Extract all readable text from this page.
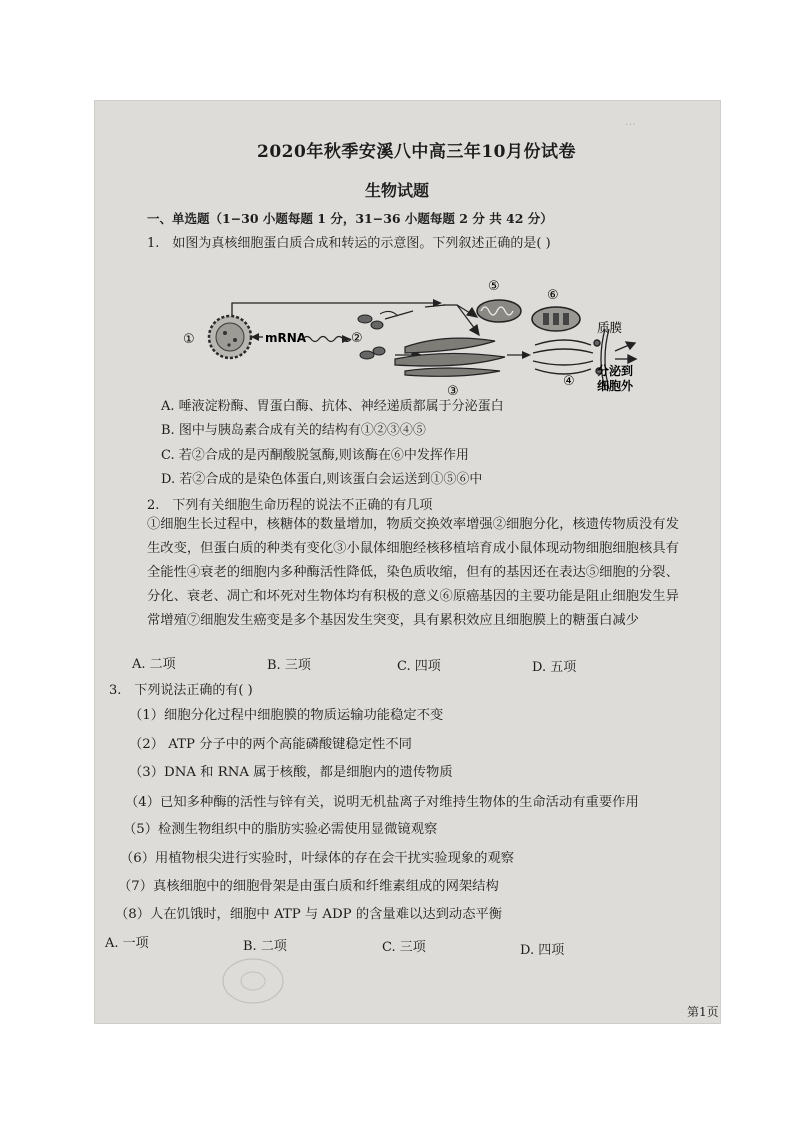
…
2020年秋季安溪八中高三年10月份试卷
生物试题
一、单选题（1−30 小题每题 1 分，31−36 小题每题 2 分 共 42 分）
1.　如图为真核细胞蛋白质合成和转运的示意图。下列叙述正确的是( )
①	mRNA	②
⑤
⑥
③
④
质膜
分泌到
细胞外
A. 唾液淀粉酶、胃蛋白酶、抗体、神经递质都属于分泌蛋白
B. 图中与胰岛素合成有关的结构有①②③④⑤
C. 若②合成的是丙酮酸脱氢酶,则该酶在⑥中发挥作用
D. 若②合成的是染色体蛋白,则该蛋白会运送到①⑤⑥中
2.　下列有关细胞生命历程的说法不正确的有几项
①细胞生长过程中，核糖体的数量增加，物质交换效率增强②细胞分化，核遗传物质没有发
生改变，但蛋白质的种类有变化③小鼠体细胞经核移植培育成小鼠体现动物细胞细胞核具有
全能性④衰老的细胞内多种酶活性降低，染色质收缩，但有的基因还在表达⑤细胞的分裂、
分化、衰老、凋亡和坏死对生物体均有积极的意义⑥原癌基因的主要功能是阻止细胞发生异
常增殖⑦细胞发生癌变是多个基因发生突变，具有累积效应且细胞膜上的糖蛋白减少
A. 二项	B. 三项	C. 四项	D. 五项
3.　下列说法正确的有( )
（1）细胞分化过程中细胞膜的物质运输功能稳定不变
（2） ATP 分子中的两个高能磷酸键稳定性不同
（3）DNA 和 RNA 属于核酸，都是细胞内的遗传物质
（4）已知多种酶的活性与锌有关，说明无机盐离子对维持生物体的生命活动有重要作用
（5）检测生物组织中的脂肪实验必需使用显微镜观察
（6）用植物根尖进行实验时，叶绿体的存在会干扰实验现象的观察
（7）真核细胞中的细胞骨架是由蛋白质和纤维素组成的网架结构
（8）人在饥饿时，细胞中 ATP 与 ADP 的含量难以达到动态平衡
A. 一项	B. 二项	C. 三项	D. 四项
第1页
